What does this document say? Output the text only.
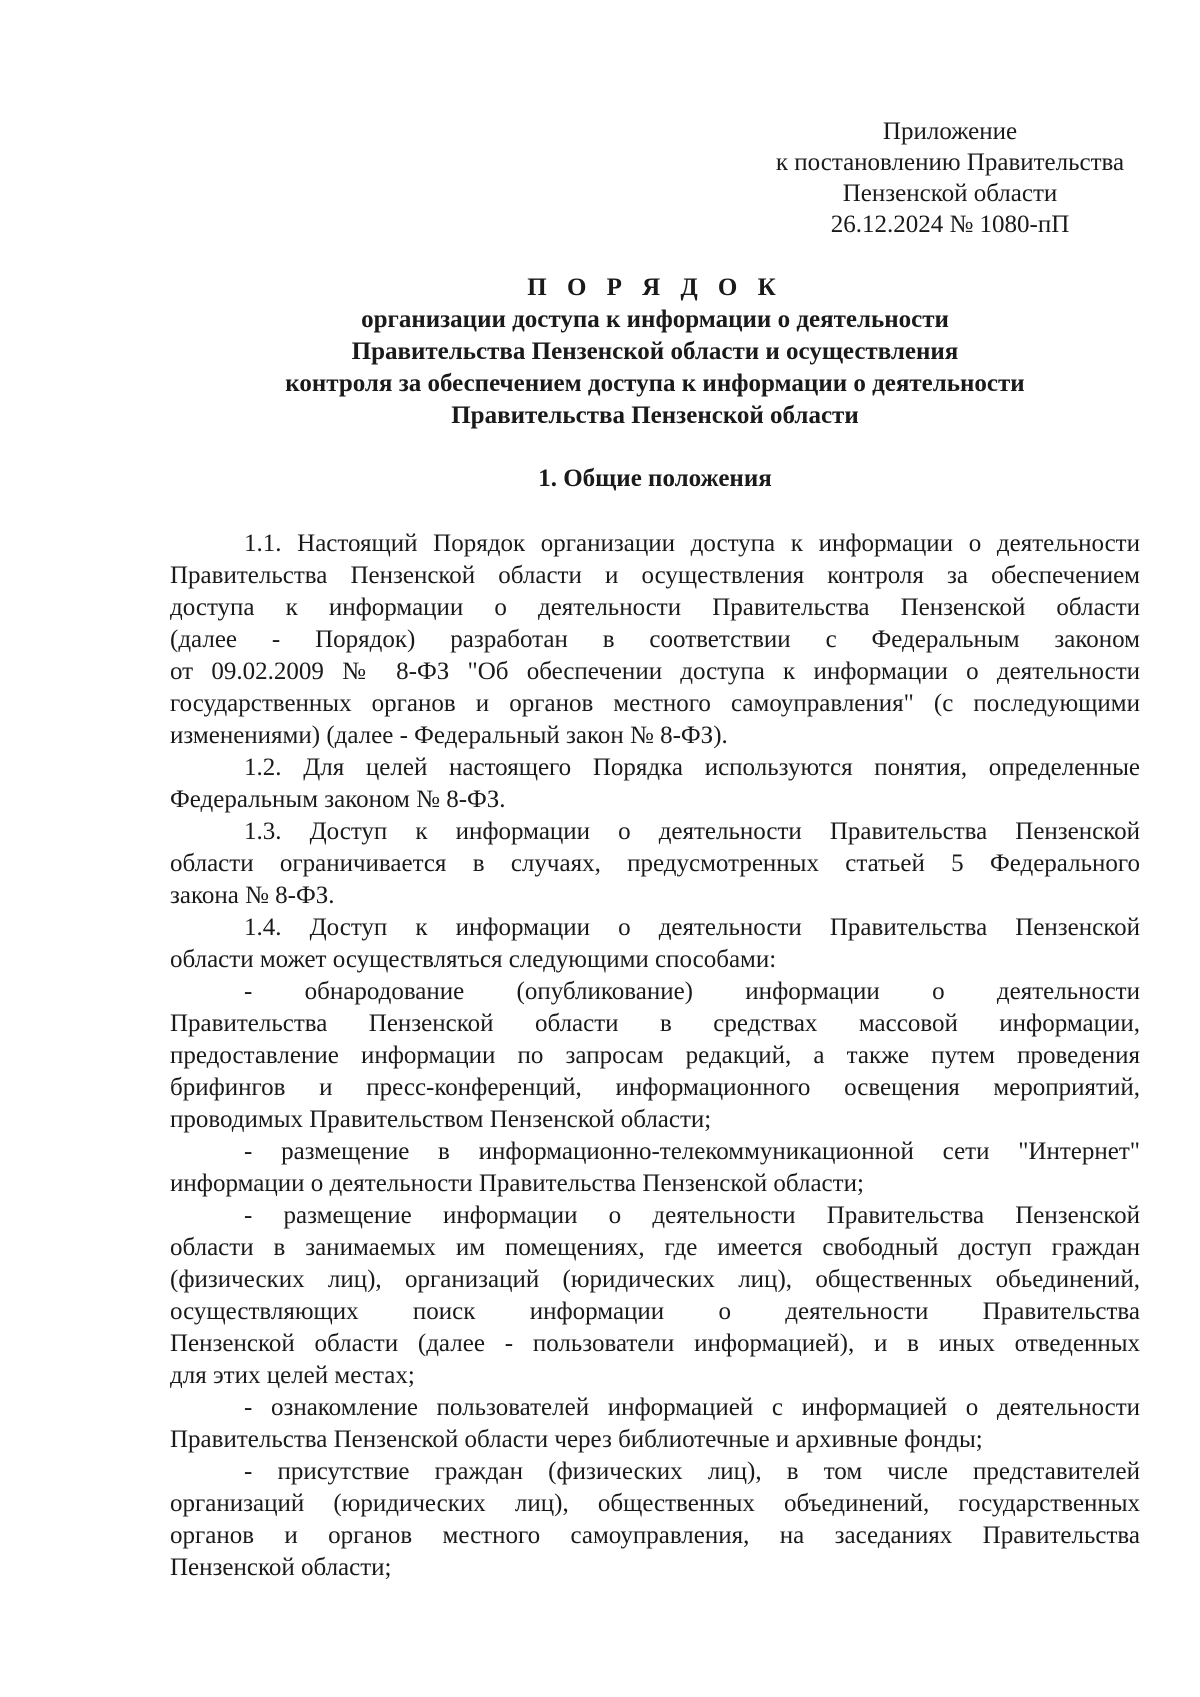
Приложение
к постановлению Правительства
Пензенской области
26.12.2024 № 1080-пП
П О Р Я Д О К
организации доступа к информации о деятельности
Правительства Пензенской области и осуществления
контроля за обеспечением доступа к информации о деятельности
Правительства Пензенской области
1. Общие положения
1.1. Настоящий Порядок организации доступа к информации о деятельности
Правительства Пензенской области и осуществления контроля за обеспечением
доступа к информации о деятельности Правительства Пензенской области
(далее - Порядок) разработан в соответствии с Федеральным законом
от 09.02.2009 № 8-ФЗ "Об обеспечении доступа к информации о деятельности
государственных органов и органов местного самоуправления" (с последующими
изменениями) (далее - Федеральный закон № 8-ФЗ).
1.2. Для целей настоящего Порядка используются понятия, определенные
Федеральным законом № 8-ФЗ.
1.3. Доступ к информации о деятельности Правительства Пензенской
области ограничивается в случаях, предусмотренных статьей 5 Федерального
закона № 8-ФЗ.
1.4. Доступ к информации о деятельности Правительства Пензенской
области может осуществляться следующими способами:
- обнародование (опубликование) информации о деятельности
Правительства Пензенской области в средствах массовой информации,
предоставление информации по запросам редакций, а также путем проведения
брифингов и пресс-конференций, информационного освещения мероприятий,
проводимых Правительством Пензенской области;
- размещение в информационно-телекоммуникационной сети "Интернет"
информации о деятельности Правительства Пензенской области;
- размещение информации о деятельности Правительства Пензенской
области в занимаемых им помещениях, где имеется свободный доступ граждан
(физических лиц), организаций (юридических лиц), общественных обьединений,
осуществляющих поиск информации о деятельности Правительства
Пензенской области (далее - пользователи информацией), и в иных отведенных
для этих целей местах;
- ознакомление пользователей информацией с информацией о деятельности
Правительства Пензенской области через библиотечные и архивные фонды;
- присутствие граждан (физических лиц), в том числе представителей
организаций (юридических лиц), общественных объединений, государственных
органов и органов местного самоуправления, на заседаниях Правительства
Пензенской области;
